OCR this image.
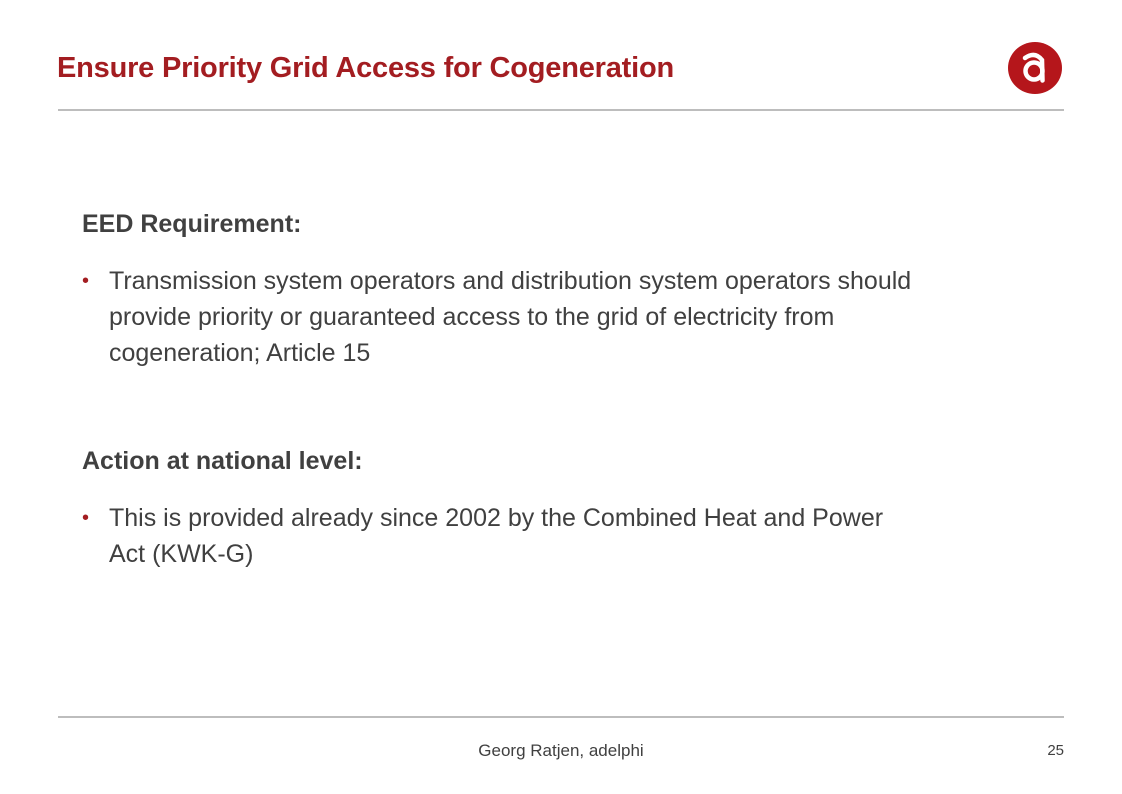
Ensure Priority Grid Access for Cogeneration
EED Requirement:
• Transmission system operators and distribution system operators should
provide priority or guaranteed access to the grid of electricity from
cogeneration; Article 15
Action at national level:
• This is provided already since 2002 by the Combined Heat and Power
Act (KWK-G)
Georg Ratjen, adelphi	25
